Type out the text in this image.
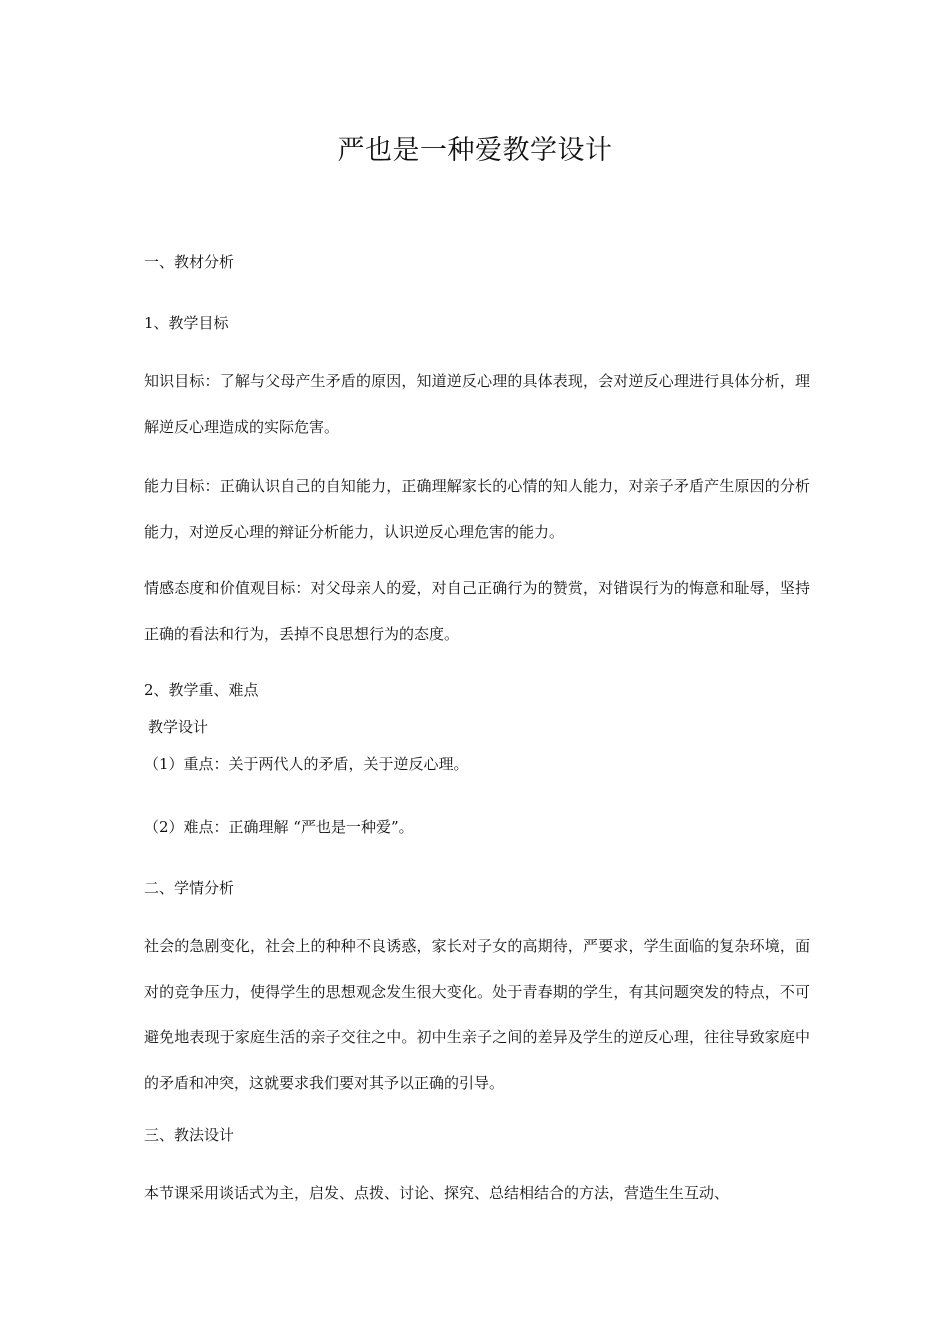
严也是一种爱教学设计
一、教材分析
1、教学目标
知识目标：了解与父母产生矛盾的原因，知道逆反心理的具体表现，会对逆反心理进行具体分析，理解逆反心理造成的实际危害。
能力目标：正确认识自己的自知能力，正确理解家长的心情的知人能力，对亲子矛盾产生原因的分析能力，对逆反心理的辩证分析能力，认识逆反心理危害的能力。
情感态度和价值观目标：对父母亲人的爱，对自己正确行为的赞赏，对错误行为的悔意和耻辱，坚持正确的看法和行为，丢掉不良思想行为的态度。
2、教学重、难点
教学设计
（1）重点：关于两代人的矛盾，关于逆反心理。
（2）难点：正确理解 “严也是一种爱”。
二、学情分析
社会的急剧变化，社会上的种种不良诱惑，家长对子女的高期待，严要求，学生面临的复杂环境，面对的竞争压力，使得学生的思想观念发生很大变化。处于青春期的学生，有其问题突发的特点，不可避免地表现于家庭生活的亲子交往之中。初中生亲子之间的差异及学生的逆反心理，往往导致家庭中的矛盾和冲突，这就要求我们要对其予以正确的引导。
三、教法设计
本节课采用谈话式为主，启发、点拨、讨论、探究、总结相结合的方法，营造生生互动、
